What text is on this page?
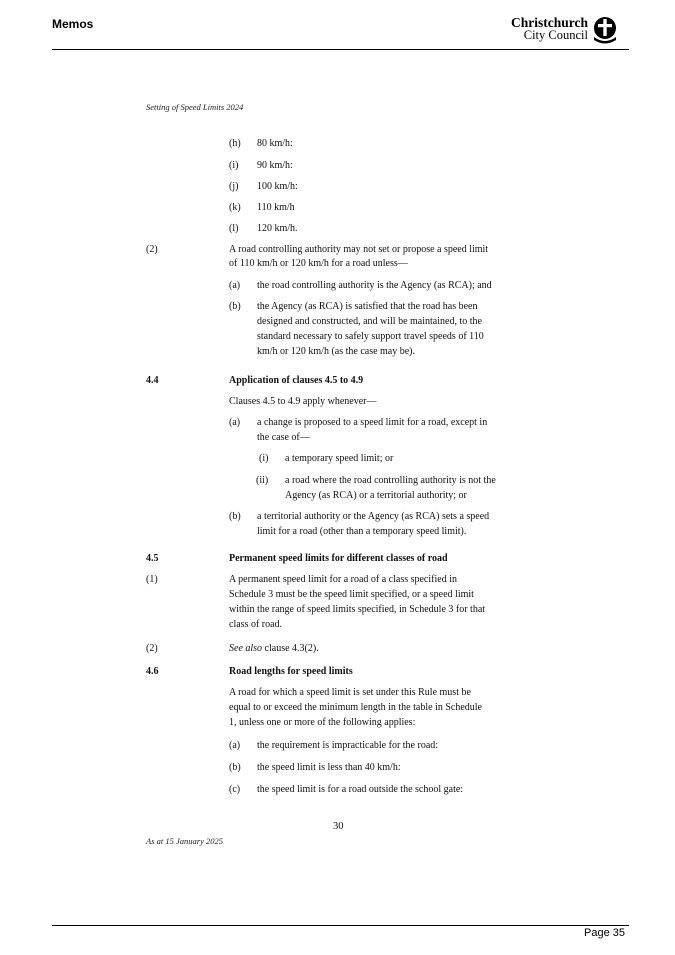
Memos	Christchurch
City Council
Setting of Speed Limits 2024
(h) 80 km/h:
(i) 90 km/h:
(j) 100 km/h:
(k) 110 km/h
(l) 120 km/h.
(2)	A road controlling authority may not set or propose a speed limit
of 110 km/h or 120 km/h for a road unless—
(a) the road controlling authority is the Agency (as RCA); and
(b) the Agency (as RCA) is satisfied that the road has been
designed and constructed, and will be maintained, to the
standard necessary to safely support travel speeds of 110
km/h or 120 km/h (as the case may be).
4.4	Application of clauses 4.5 to 4.9
Clauses 4.5 to 4.9 apply whenever—
(a) a change is proposed to a speed limit for a road, except in
the case of—
(i) a temporary speed limit; or
(ii) a road where the road controlling authority is not the
Agency (as RCA) or a territorial authority; or
(b) a territorial authority or the Agency (as RCA) sets a speed
limit for a road (other than a temporary speed limit).
4.5	Permanent speed limits for different classes of road
(1)	A permanent speed limit for a road of a class specified in
Schedule 3 must be the speed limit specified, or a speed limit
within the range of speed limits specified, in Schedule 3 for that
class of road.
(2)	See also clause 4.3(2).
4.6	Road lengths for speed limits
A road for which a speed limit is set under this Rule must be
equal to or exceed the minimum length in the table in Schedule
1, unless one or more of the following applies:
(a) the requirement is impracticable for the road:
(b) the speed limit is less than 40 km/h:
(c) the speed limit is for a road outside the school gate:
30
As at 15 January 2025
Page 35
